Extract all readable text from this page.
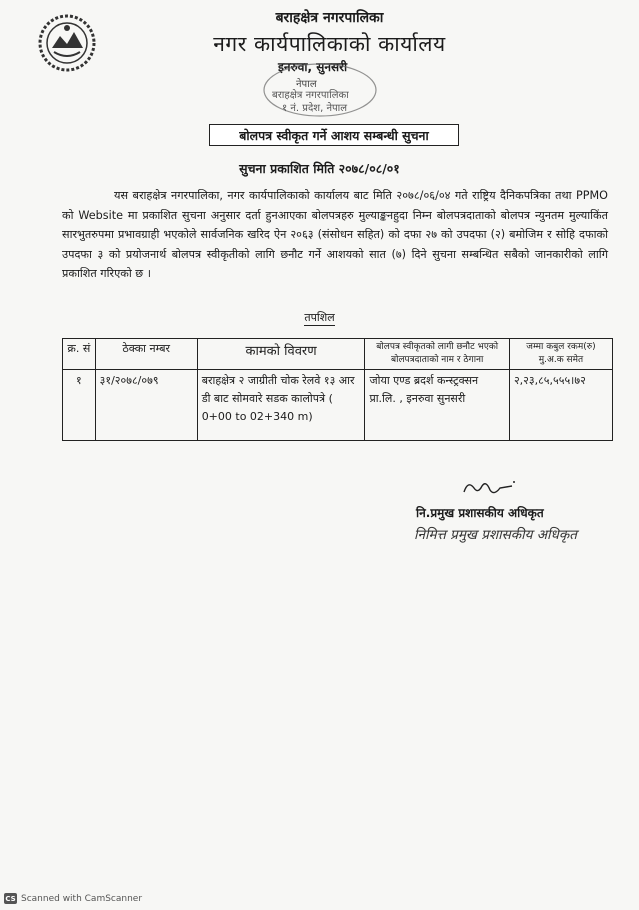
बराहक्षेत्र नगरपालिका
नगर कार्यपालिकाको कार्यालय
इनरुवा, सुनसरी
नेपाल
बराहक्षेत्र नगरपालिका
१ नं. प्रदेश, नेपाल
बोलपत्र स्वीकृत गर्ने आशय सम्बन्धी सुचना
सुचना प्रकाशित मिति २०७८/०८/०१
यस बराहक्षेत्र नगरपालिका, नगर कार्यपालिकाको कार्यालय बाट मिति २०७८/०६/०४ गते राष्ट्रिय दैनिकपत्रिका तथा PPMO को Website मा प्रकाशित सुचना अनुसार दर्ता हुनआएका बोलपत्रहरु मुल्याङ्कनहुदा निम्न बोलपत्रदाताको बोलपत्र न्युनतम मुल्याकिंत सारभुतरुपमा प्रभावग्राही भएकोले सार्वजनिक खरिद ऐन २०६३ (संसोधन सहित) को दफा २७ को उपदफा (२) बमोजिम र सोहि दफाको उपदफा ३ को प्रयोजनार्थ बोलपत्र स्वीकृतीको लागि छनौट गर्ने आशयको सात (७) दिने सुचना सम्बन्धित सबैको जानकारीको लागि प्रकाशित गरिएको छ ।
तपशिल
क्र. सं	ठेक्का नम्बर	कामको विवरण	बोलपत्र स्वीकृतको लागी छनौट भएको बोलपत्रदाताको नाम र ठेगाना	जम्मा कबुल रकम(रु) मु.अ.क समेत
१	३१/२०७८/०७९	बराहक्षेत्र २ जाग्रीती चोक रेलवे १३ आर डी बाट सोमवारे सडक कालोपत्रे ( 0+00 to 02+340 m)	जोया एण्ड ब्रदर्श कन्स्ट्रक्सन प्रा.लि. , इनरुवा सुनसरी	२,२३,८५,५५५।७२
नि.प्रमुख प्रशासकीय अधिकृत
निमित्त प्रमुख प्रशासकीय अधिकृत
CS Scanned with CamScanner
